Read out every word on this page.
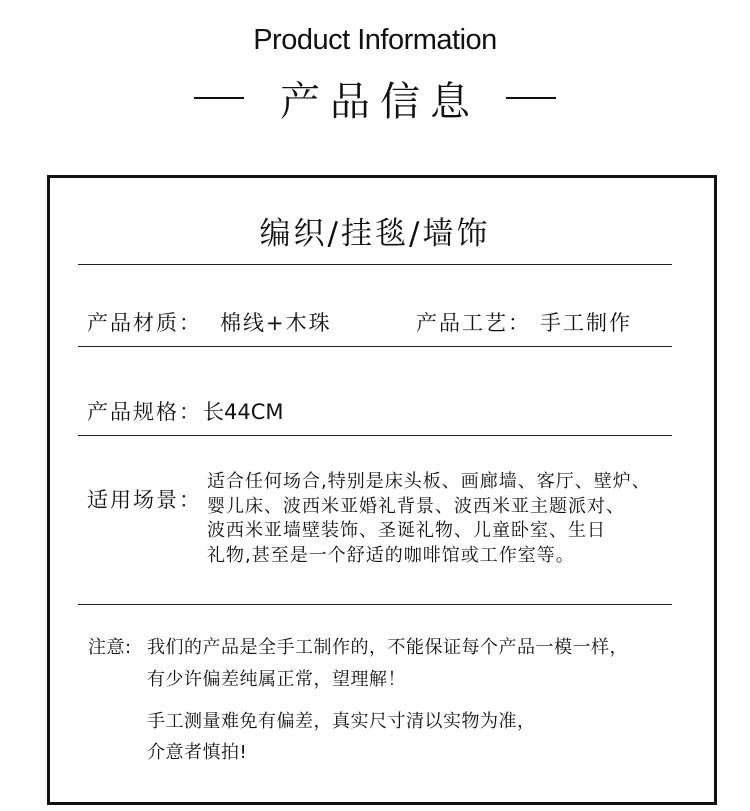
Product Information
产品信息
编织/挂毯/墙饰
产品材质： 棉线+木珠	产品工艺： 手工制作
产品规格： 长44CM
适用场景：
适合任何场合,特别是床头板、画廊墙、客厅、壁炉、
婴儿床、波西米亚婚礼背景、波西米亚主题派对、
波西米亚墙壁装饰、圣诞礼物、儿童卧室、生日
礼物,甚至是一个舒适的咖啡馆或工作室等。
注意: 我们的产品是全手工制作的，不能保证每个产品一模一样，
有少许偏差纯属正常，望理解！
手工测量难免有偏差，真实尺寸清以实物为准，
介意者慎拍!
